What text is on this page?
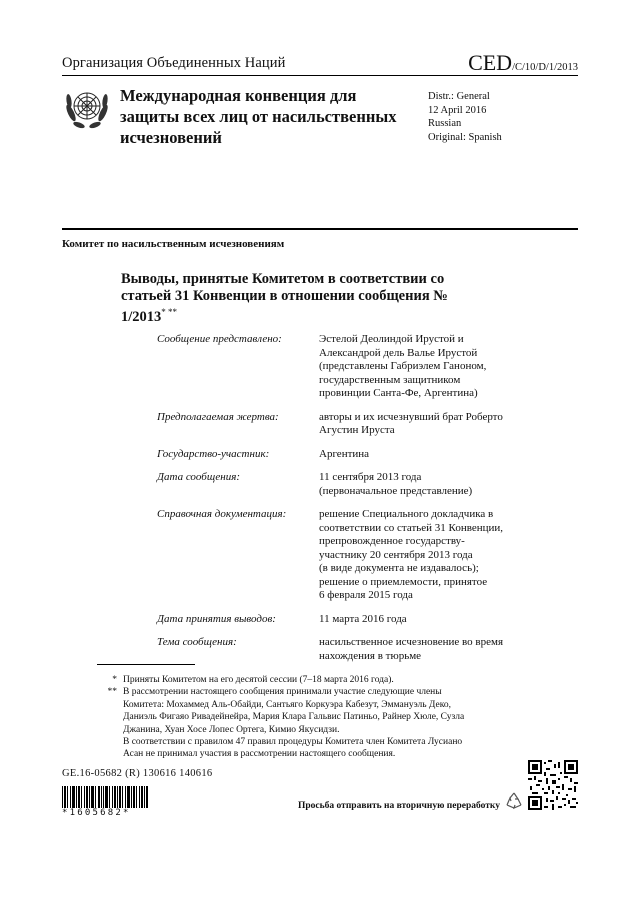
Организация Объединенных Наций	CED/C/10/D/1/2013
Международная конвенция для защиты всех лиц от насильственных исчезновений
Distr.: General
12 April 2016
Russian
Original: Spanish
Комитет по насильственным исчезновениям
Выводы, принятые Комитетом в соответствии со статьей 31 Конвенции в отношении сообщения № 1/2013* **
Сообщение представлено:	Эстелой Деолиндой Ирустой и
Александрой дель Валье Ирустой
(представлены Габриэлем Ганоном,
государственным защитником
провинции Санта-Фе, Аргентина)
Предполагаемая жертва:	авторы и их исчезнувший брат Роберто
Агустин Ируста
Государство-участник:	Аргентина
Дата сообщения:	11 сентября 2013 года
(первоначальное представление)
Справочная документация:	решение Специального докладчика в
соответствии со статьей 31 Конвенции,
препровожденное государству-
участнику 20 сентября 2013 года
(в виде документа не издавалось);
решение о приемлемости, принятое
6 февраля 2015 года
Дата принятия выводов:	11 марта 2016 года
Тема сообщения:	насильственное исчезновение во время
нахождения в тюрьме
* Приняты Комитетом на его десятой сессии (7–18 марта 2016 года).
** В рассмотрении настоящего сообщения принимали участие следующие члены
Комитета: Мохаммед Аль-Обайди, Сантьяго Коркуэра Кабезут, Эммануэль Деко,
Даниэль Фигаяо Ривадейнейра, Мария Клара Гальвис Патиньо, Райнер Хюле, Сузла
Джанина, Хуан Хосе Лопес Ортега, Кимио Якусидзи.
В соответствии с правилом 47 правил процедуры Комитета член Комитета Лусиано
Асан не принимал участия в рассмотрении настоящего сообщения.
GE.16-05682 (R) 130616 140616
*1605682*
Просьба отправить на вторичную переработку
